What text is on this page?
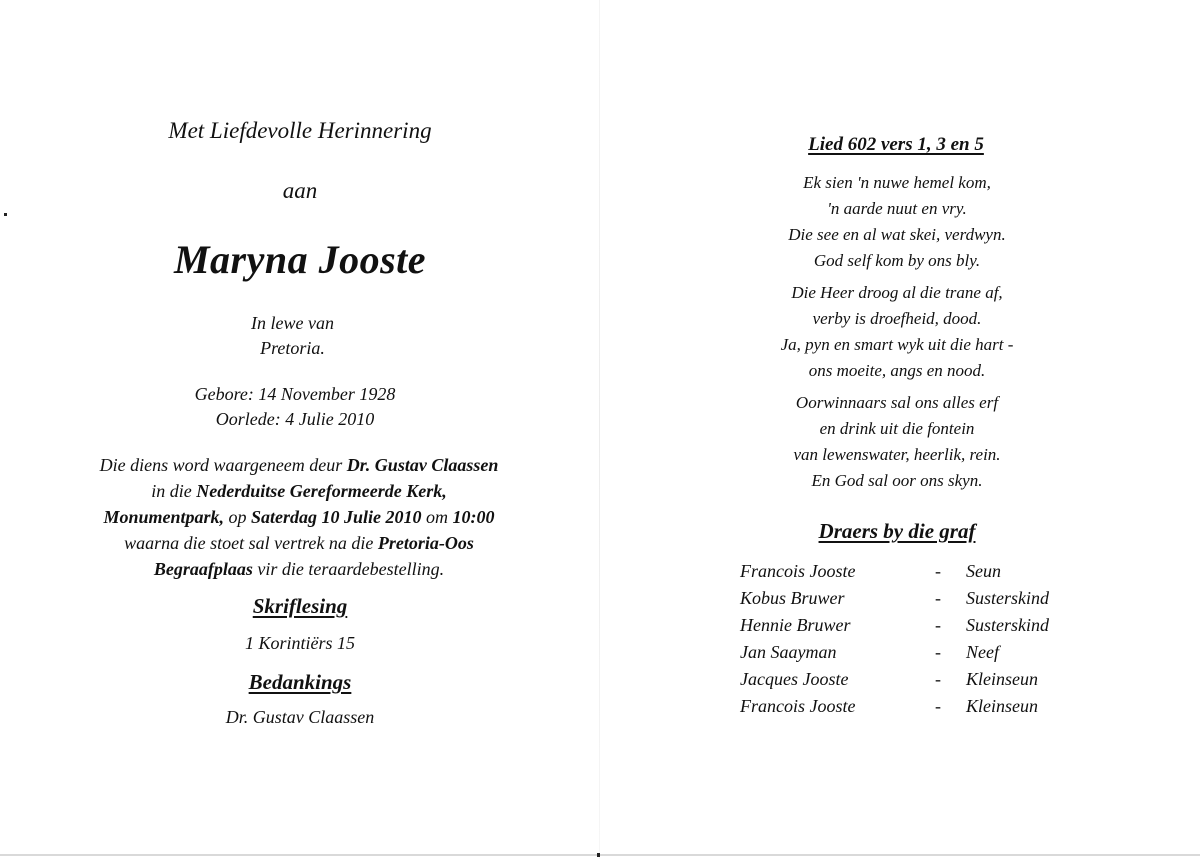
Met Liefdevolle Herinnering
aan
Maryna Jooste
In lewe van
Pretoria.
Gebore: 14 November 1928
Oorlede: 4 Julie 2010
Die diens word waargeneem deur Dr. Gustav Claassen
in die Nederduitse Gereformeerde Kerk,
Monumentpark, op Saterdag 10 Julie 2010 om 10:00
waarna die stoet sal vertrek na die Pretoria-Oos
Begraafplaas vir die teraardebestelling.
Skriflesing
1 Korintiërs 15
Bedankings
Dr. Gustav Claassen
Lied 602 vers 1, 3 en 5
Ek sien 'n nuwe hemel kom,
'n aarde nuut en vry.
Die see en al wat skei, verdwyn.
God self kom by ons bly.
Die Heer droog al die trane af,
verby is droefheid, dood.
Ja, pyn en smart wyk uit die hart -
ons moeite, angs en nood.
Oorwinnaars sal ons alles erf
en drink uit die fontein
van lewenswater, heerlik, rein.
En God sal oor ons skyn.
Draers by die graf
Francois Jooste	-	Seun
Kobus Bruwer	-	Susterskind
Hennie Bruwer	-	Susterskind
Jan Saayman	-	Neef
Jacques Jooste	-	Kleinseun
Francois Jooste	-	Kleinseun
